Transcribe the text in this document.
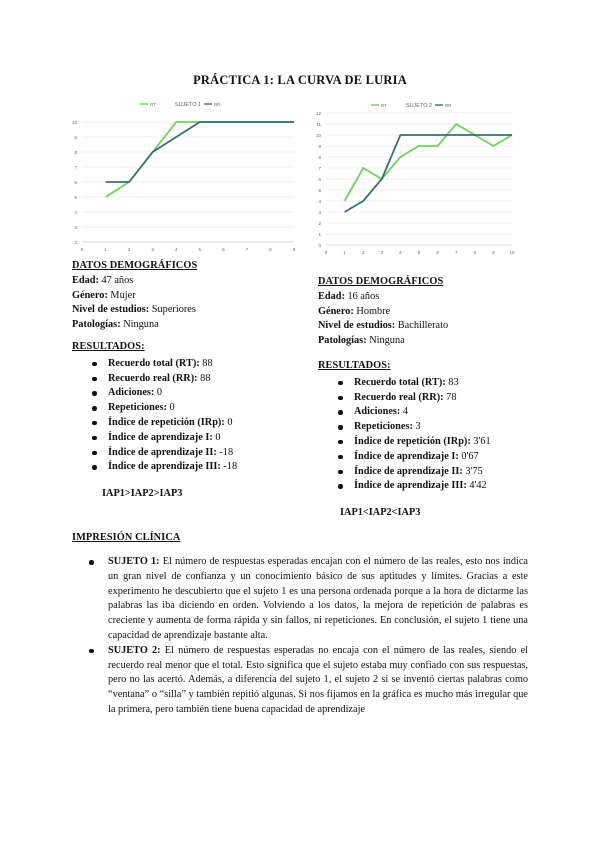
PRÁCTICA 1: LA CURVA DE LURIA
2
3
4
5
6
7
8
9
10
0	1	2	3	4	5	6	7	8	9
SUJETO 1
RT	RR
0
1
2
3
4
5
6
7
8
9
10
11
12
0	1	2	3	4	5	6	7	8	9	10
SUJETO 2
RT	RR
DATOS DEMOGRÁFICOS
Edad: 47 años
Género: Mujer
Nivel de estudios: Superiores
Patologías: Ninguna
RESULTADOS:
Recuerdo total (RT): 88
Recuerdo real (RR): 88
Adiciones: 0
Repeticiones: 0
Índice de repetición (IRp): 0
Índice de aprendizaje I: 0
Índice de aprendizaje II: -18
Índice de aprendizaje III: -18
IAP1>IAP2>IAP3
DATOS DEMOGRÁFICOS
Edad: 16 años
Género: Hombre
Nivel de estudios: Bachillerato
Patologías: Ninguna
RESULTADOS:
Recuerdo total (RT): 83
Recuerdo real (RR): 78
Adiciones: 4
Repeticiones: 3
Índice de repetición (IRp): 3'61
Índice de aprendizaje I: 0'67
Índice de aprendizaje II: 3'75
Índice de aprendizaje III: 4'42
IAP1<IAP2<IAP3
IMPRESIÓN CLÍNICA

SUJETO 1: El número de respuestas esperadas encajan con el número de las reales, esto nos indica un gran nivel de confianza y un conocimiento básico de sus aptitudes y límites. Gracias a este experimento he descubierto que el sujeto 1 es una persona ordenada porque a la hora de dictarme las palabras las iba diciendo en orden. Volviendo a los datos, la mejora de repetición de palabras es creciente y aumenta de forma rápida y sin fallos, ni repeticiones. En conclusión, el sujeto 1 tiene una capacidad de aprendizaje bastante alta.

SUJETO 2: El número de respuestas esperadas no encaja con el número de las reales, siendo el recuerdo real menor que el total. Esto significa que el sujeto estaba muy confiado con sus respuestas, pero no las acertó. Además, a diferencia del sujeto 1, el sujeto 2 sí se inventó ciertas palabras como “ventana” o “silla” y también repitió algunas. Si nos fijamos en la gráfica es mucho más irregular que la primera, pero también tiene buena capacidad de aprendizaje
